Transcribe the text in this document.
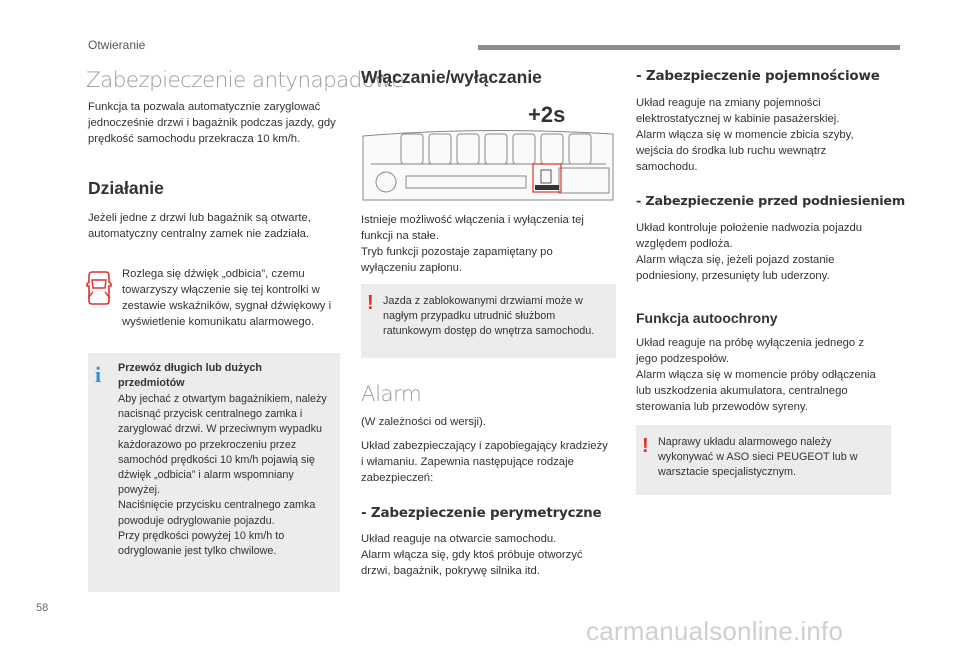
Otwieranie
Zabezpieczenie antynapadowe

Funkcja ta pozwala automatycznie zaryglować jednocześnie drzwi i bagażnik podczas jazdy, gdy prędkość samochodu przekracza 10 km/h.

Działanie

Jeżeli jedne z drzwi lub bagażnik są otwarte, automatyczny centralny zamek nie zadziała.

Rozlega się dźwięk „odbicia”, czemu towarzyszy włączenie się tej kontrolki w zestawie wskaźników, sygnał dźwiękowy i wyświetlenie komunikatu alarmowego.

i Przewóz długich lub dużych przedmiotów

Aby jechać z otwartym bagażnikiem, należy nacisnąć przycisk centralnego zamka i zaryglować drzwi. W przeciwnym wypadku każdorazowo po przekroczeniu przez samochód prędkości 10 km/h pojawią się dźwięk „odbicia” i alarm wspomniany powyżej.
Naciśnięcie przycisku centralnego zamka powoduje odryglowanie pojazdu.
Przy prędkości powyżej 10 km/h to odryglowanie jest tylko chwilowe.

Włączanie/wyłączanie
+2s

Istnieje możliwość włączenia i wyłączenia tej funkcji na stałe.
Tryb funkcji pozostaje zapamiętany po wyłączeniu zapłonu.

! Jazda z zablokowanymi drzwiami może w nagłym przypadku utrudnić służbom ratunkowym dostęp do wnętrza samochodu.

Alarm

(W zależności od wersji).

Układ zabezpieczający i zapobiegający kradzieży i włamaniu. Zapewnia następujące rodzaje zabezpieczeń:

- Zabezpieczenie perymetryczne

Układ reaguje na otwarcie samochodu.
Alarm włącza się, gdy ktoś próbuje otworzyć drzwi, bagażnik, pokrywę silnika itd.

- Zabezpieczenie pojemnościowe

Układ reaguje na zmiany pojemności elektrostatycznej w kabinie pasażerskiej.
Alarm włącza się w momencie zbicia szyby, wejścia do środka lub ruchu wewnątrz samochodu.

- Zabezpieczenie przed podniesieniem

Układ kontroluje położenie nadwozia pojazdu względem podłoża.
Alarm włącza się, jeżeli pojazd zostanie podniesiony, przesunięty lub uderzony.

Funkcja autoochrony

Układ reaguje na próbę wyłączenia jednego z jego podzespołów.
Alarm włącza się w momencie próby odłączenia lub uszkodzenia akumulatora, centralnego sterowania lub przewodów syreny.

! Naprawy układu alarmowego należy wykonywać w ASO sieci PEUGEOT lub w warsztacie specjalistycznym.

58
carmanualsonline.info
